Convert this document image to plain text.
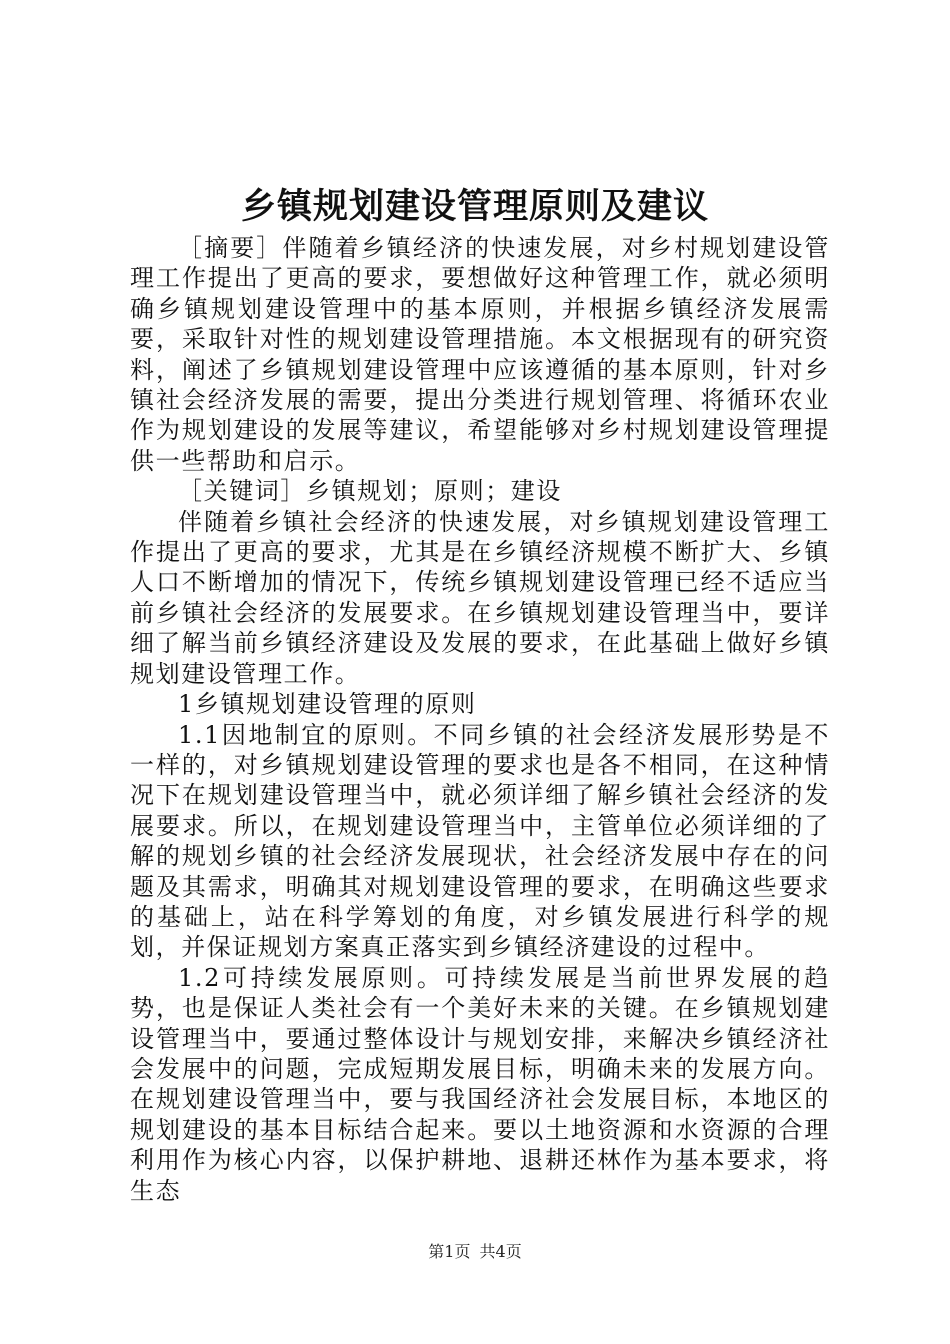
乡镇规划建设管理原则及建议

［摘要］伴随着乡镇经济的快速发展，对乡村规划建设管理工作提出了更高的要求，要想做好这种管理工作，就必须明确乡镇规划建设管理中的基本原则，并根据乡镇经济发展需要，采取针对性的规划建设管理措施。本文根据现有的研究资料，阐述了乡镇规划建设管理中应该遵循的基本原则，针对乡镇社会经济发展的需要，提出分类进行规划管理、将循环农业作为规划建设的发展等建议，希望能够对乡村规划建设管理提供一些帮助和启示。

［关键词］乡镇规划；原则；建设

伴随着乡镇社会经济的快速发展，对乡镇规划建设管理工作提出了更高的要求，尤其是在乡镇经济规模不断扩大、乡镇人口不断增加的情况下，传统乡镇规划建设管理已经不适应当前乡镇社会经济的发展要求。在乡镇规划建设管理当中，要详细了解当前乡镇经济建设及发展的要求，在此基础上做好乡镇规划建设管理工作。

1乡镇规划建设管理的原则

1.1因地制宜的原则。不同乡镇的社会经济发展形势是不一样的，对乡镇规划建设管理的要求也是各不相同，在这种情况下在规划建设管理当中，就必须详细了解乡镇社会经济的发展要求。所以，在规划建设管理当中，主管单位必须详细的了解的规划乡镇的社会经济发展现状，社会经济发展中存在的问题及其需求，明确其对规划建设管理的要求，在明确这些要求的基础上，站在科学筹划的角度，对乡镇发展进行科学的规划，并保证规划方案真正落实到乡镇经济建设的过程中。

1.2可持续发展原则。可持续发展是当前世界发展的趋势，也是保证人类社会有一个美好未来的关键。在乡镇规划建设管理当中，要通过整体设计与规划安排，来解决乡镇经济社会发展中的问题，完成短期发展目标，明确未来的发展方向。在规划建设管理当中，要与我国经济社会发展目标，本地区的规划建设的基本目标结合起来。要以土地资源和水资源的合理利用作为核心内容，以保护耕地、退耕还林作为基本要求，将生态

第1页 共4页
